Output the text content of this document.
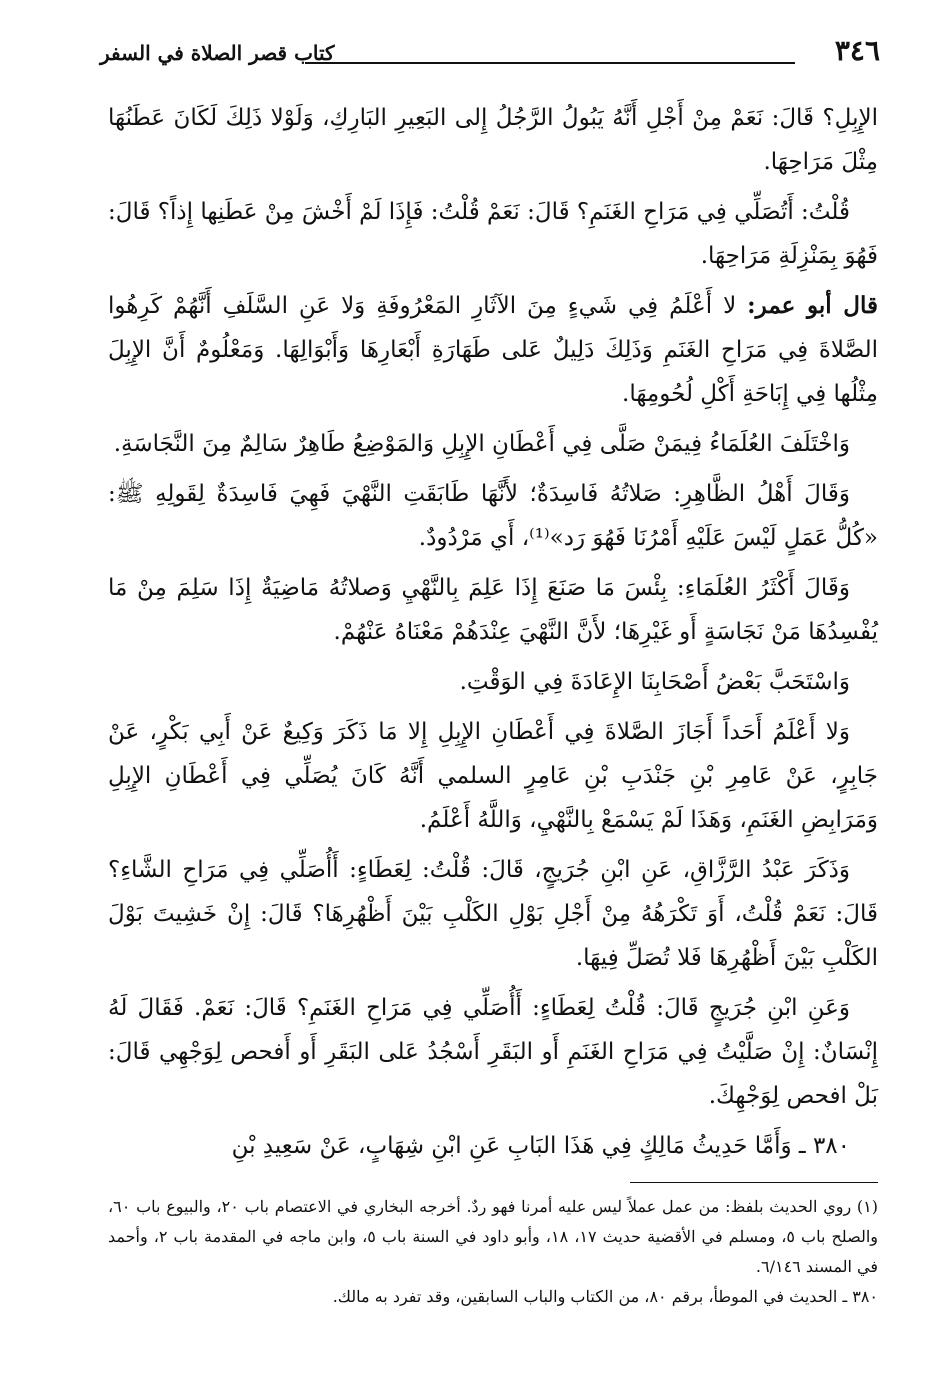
٣٤٦
كتاب قصر الصلاة في السفر

الإِبِلِ؟ قَالَ: نَعَمْ مِنْ أَجْلِ أَنَّهُ يَبُولُ الرَّجُلُ إِلى البَعِيرِ البَارِكِ، وَلَوْلا ذَلِكَ لَكَانَ عَطَنُهَا مِثْلَ مَرَاحِهَا.

قُلْتُ: أَتُصَلِّي فِي مَرَاحِ الغَنَمِ؟ قَالَ: نَعَمْ قُلْتُ: فَإِذَا لَمْ أَخْشَ مِنْ عَطَنِها إِذاً؟ قَالَ: فَهُوَ بِمَنْزِلَةِ مَرَاحِهَا.

قال أبو عمر: لا أَعْلَمُ فِي شَيءٍ مِنَ الآثَارِ المَعْرُوفَةِ وَلا عَنِ السَّلَفِ أَنَّهُمْ كَرِهُوا الصَّلاةَ فِي مَرَاحِ الغَنَمِ وَذَلِكَ دَلِيلٌ عَلى طَهَارَةِ أَبْعَارِهَا وَأَبْوَالِهَا. وَمَعْلُومٌ أَنَّ الإِبِلَ مِثْلُها فِي إِبَاحَةِ أَكْلِ لُحُومِهَا.

وَاخْتَلَفَ العُلَمَاءُ فِيمَنْ صَلَّى فِي أَعْطَانِ الإِبِلِ وَالمَوْضِعُ طَاهِرٌ سَالِمٌ مِنَ النَّجَاسَةِ.

وَقَالَ أَهْلُ الظَّاهِرِ: صَلاتُهُ فَاسِدَةٌ؛ لأَنَّهَا طَابَقَتِ النَّهْيَ فَهِيَ فَاسِدَةٌ لِقَولِهِ ﷺ: «كُلُّ عَمَلٍ لَيْسَ عَلَيْهِ أَمْرُنَا فَهُوَ رَد»⁽¹⁾، أَي مَرْدُودٌ.

وَقَالَ أَكْثَرُ العُلَمَاءِ: بِئْسَ مَا صَنَعَ إِذَا عَلِمَ بِالنَّهْيِ وَصلاتُهُ مَاضِيَةٌ إِذَا سَلِمَ مِنْ مَا يُفْسِدُهَا مَنْ نَجَاسَةٍ أَو غَيْرِهَا؛ لأَنَّ النَّهْيَ عِنْدَهُمْ مَعْنَاهُ عَنْهُمْ.

وَاسْتَحَبَّ بَعْضُ أَصْحَابِنَا الإِعَادَةَ فِي الوَقْتِ.

وَلا أَعْلَمُ أَحَداً أَجَازَ الصَّلاةَ فِي أَعْطَانِ الإِبِلِ إِلا مَا ذَكَرَ وَكِيعٌ عَنْ أَبِي بَكْرٍ، عَنْ جَابِرٍ، عَنْ عَامِرِ بْنِ جَنْدَبِ بْنِ عَامِرٍ السلمي أَنَّهُ كَانَ يُصَلِّي فِي أَعْطَانِ الإِبِلِ وَمَرَابِضِ الغَنَمِ، وَهَذَا لَمْ يَسْمَعْ بِالنَّهْيِ، وَاللَّهُ أَعْلَمُ.

وَذَكَرَ عَبْدُ الرَّزَّاقِ، عَنِ ابْنِ جُرَيجٍ، قَالَ: قُلْتُ: لِعَطَاءٍ: أَأُصَلِّي فِي مَرَاحِ الشَّاءِ؟ قَالَ: نَعَمْ قُلْتُ، أَوَ تَكْرَهُهُ مِنْ أَجْلِ بَوْلِ الكَلْبِ بَيْنَ أَظْهُرِهَا؟ قَالَ: إِنْ خَشِيتَ بَوْلَ الكَلْبِ بَيْنَ أَظْهُرِهَا فَلا تُصَلِّ فِيهَا.

وَعَنِ ابْنِ جُرَيجٍ قَالَ: قُلْتُ لِعَطَاءٍ: أَأُصَلِّي فِي مَرَاحِ الغَنَمِ؟ قَالَ: نَعَمْ. فَقَالَ لَهُ إِنْسَانٌ: إِنْ صَلَّيْتُ فِي مَرَاحِ الغَنَمِ أَو البَقَرِ أَسْجُدُ عَلى البَقَرِ أَو أَفحص لِوَجْهِي قَالَ: بَلْ افحص لِوَجْهِكَ.

٣٨٠ ـ وَأَمَّا حَدِيثُ مَالِكٍ فِي هَذَا البَابِ عَنِ ابْنِ شِهَابٍ، عَنْ سَعِيدِ بْنِ

(١) روي الحديث بلفظ: من عمل عملاً ليس عليه أمرنا فهو ردٌ. أخرجه البخاري في الاعتصام باب ٢٠، والبيوع باب ٦٠، والصلح باب ٥، ومسلم في الأقضية حديث ١٧، ١٨، وأبو داود في السنة باب ٥، وابن ماجه في المقدمة باب ٢، وأحمد في المسند ٦/١٤٦.

٣٨٠ ـ الحديث في الموطأ، برقم ٨٠، من الكتاب والباب السابقين، وقد تفرد به مالك.
